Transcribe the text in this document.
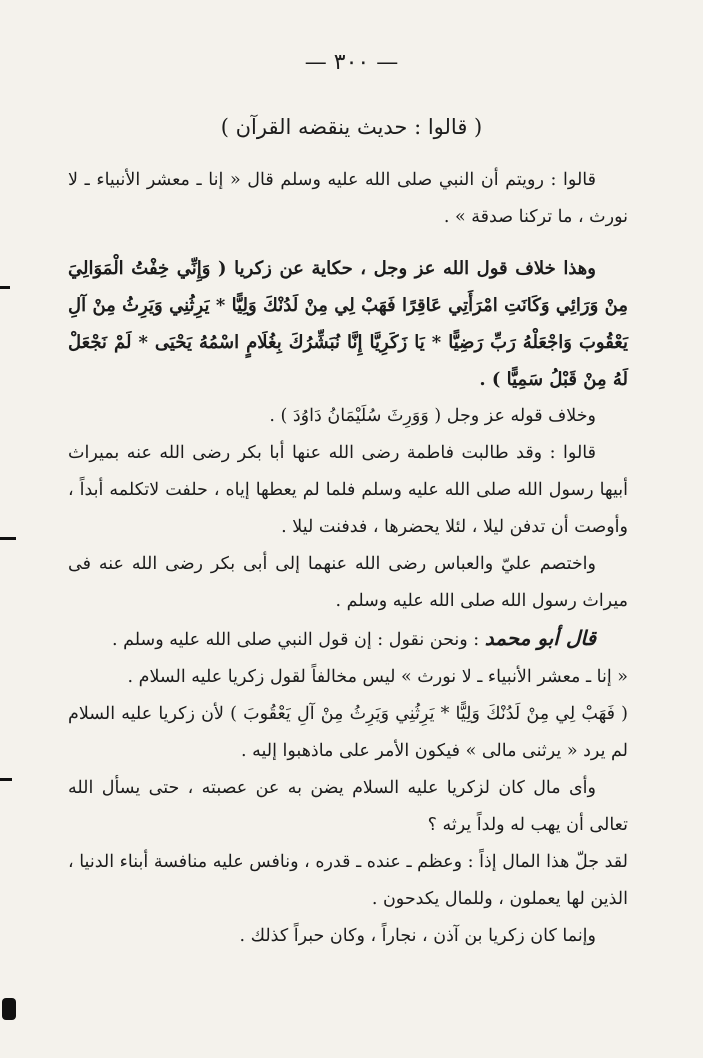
— ٣٠٠ —
( قالوا : حديث ينقضه القرآن )

قالوا : رويتم أن النبي صلى الله عليه وسلم قال « إنا ـ معشر الأنبياء ـ لا نورث ، ما تركنا صدقة » .

وهذا خلاف قول الله عز وجل ، حكاية عن زكريا ( وَإِنِّي خِفْتُ الْمَوَالِيَ مِنْ وَرَائِي وَكَانَتِ امْرَأَتِي عَاقِرًا فَهَبْ لِي مِنْ لَدُنْكَ وَلِيًّا * يَرِثُنِي وَيَرِثُ مِنْ آلِ يَعْقُوبَ وَاجْعَلْهُ رَبِّ رَضِيًّا * يَا زَكَرِيَّا إِنَّا نُبَشِّرُكَ بِغُلَامٍ اسْمُهُ يَحْيَى * لَمْ نَجْعَلْ لَهُ مِنْ قَبْلُ سَمِيًّا ) .

وخلاف قوله عز وجل ( وَوَرِثَ سُلَيْمَانُ دَاوُدَ ) .

قالوا : وقد طالبت فاطمة رضى الله عنها أبا بكر رضى الله عنه بميراث أبيها رسول الله صلى الله عليه وسلم فلما لم يعطها إياه ، حلفت لاتكلمه أبداً ، وأوصت أن تدفن ليلا ، لئلا يحضرها ، فدفنت ليلا .

واختصم عليّ والعباس رضى الله عنهما إلى أبى بكر رضى الله عنه فى ميراث رسول الله صلى الله عليه وسلم .

قال أبو محمد : ونحن نقول : إن قول النبي صلى الله عليه وسلم .

« إنا ـ معشر الأنبياء ـ لا نورث » ليس مخالفاً لقول زكريا عليه السلام .

( فَهَبْ لِي مِنْ لَدُنْكَ وَلِيًّا * يَرِثُنِي وَيَرِثُ مِنْ آلِ يَعْقُوبَ ) لأن زكريا عليه السلام لم يرد « يرثنى مالى » فيكون الأمر على ماذهبوا إليه .

وأى مال كان لزكريا عليه السلام يضن به عن عصبته ، حتى يسأل الله تعالى أن يهب له ولداً يرثه ؟

لقد جلّ هذا المال إذاً : وعظم ـ عنده ـ قدره ، ونافس عليه منافسة أبناء الدنيا ، الذين لها يعملون ، وللمال يكدحون .

وإنما كان زكريا بن آذن ، نجاراً ، وكان حبراً كذلك .
